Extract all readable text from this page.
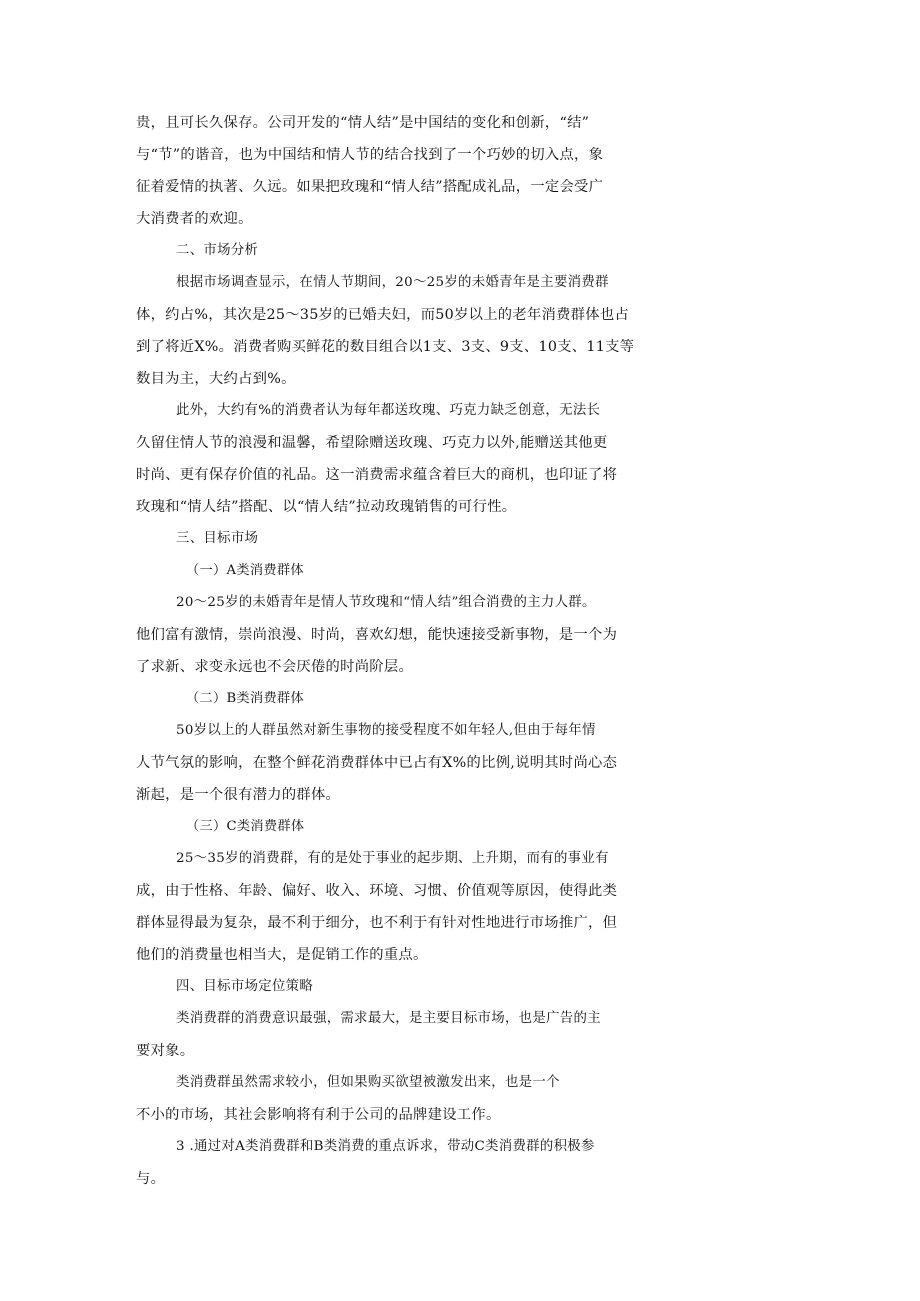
贵，且可长久保存。公司开发的“情人结”是中国结的变化和创新，“结”
与“节”的谐音，也为中国结和情人节的结合找到了一个巧妙的切入点，象
征着爱情的执著、久远。如果把玫瑰和“情人结”搭配成礼品，一定会受广
大消费者的欢迎。
二、市场分析
根据市场调查显示，在情人节期间，20～25岁的未婚青年是主要消费群
体，约占%，其次是25～35岁的已婚夫妇，而50岁以上的老年消费群体也占
到了将近X%。消费者购买鲜花的数目组合以1支、3支、9支、10支、11支等
数目为主，大约占到%。
此外，大约有%的消费者认为每年都送玫瑰、巧克力缺乏创意，无法长
久留住情人节的浪漫和温馨，希望除赠送玫瑰、巧克力以外,能赠送其他更
时尚、更有保存价值的礼品。这一消费需求蕴含着巨大的商机，也印证了将
玫瑰和“情人结”搭配、以“情人结”拉动玫瑰销售的可行性。
三、目标市场
（一）A类消费群体
20～25岁的未婚青年是情人节玫瑰和“情人结”组合消费的主力人群。
他们富有激情，崇尚浪漫、时尚，喜欢幻想，能快速接受新事物，是一个为
了求新、求变永远也不会厌倦的时尚阶层。
（二）B类消费群体
50岁以上的人群虽然对新生事物的接受程度不如年轻人,但由于每年情
人节气氛的影响，在整个鲜花消费群体中已占有X%的比例,说明其时尚心态
渐起，是一个很有潜力的群体。
（三）C类消费群体
25～35岁的消费群，有的是处于事业的起步期、上升期，而有的事业有
成，由于性格、年龄、偏好、收入、环境、习惯、价值观等原因，使得此类
群体显得最为复杂，最不利于细分，也不利于有针对性地进行市场推广，但
他们的消费量也相当大，是促销工作的重点。
四、目标市场定位策略
类消费群的消费意识最强，需求最大，是主要目标市场，也是广告的主
要对象。
类消费群虽然需求较小，但如果购买欲望被激发出来，也是一个
不小的市场，其社会影响将有利于公司的品牌建设工作。
3 .通过对A类消费群和B类消费的重点诉求，带动C类消费群的积极参
与。
